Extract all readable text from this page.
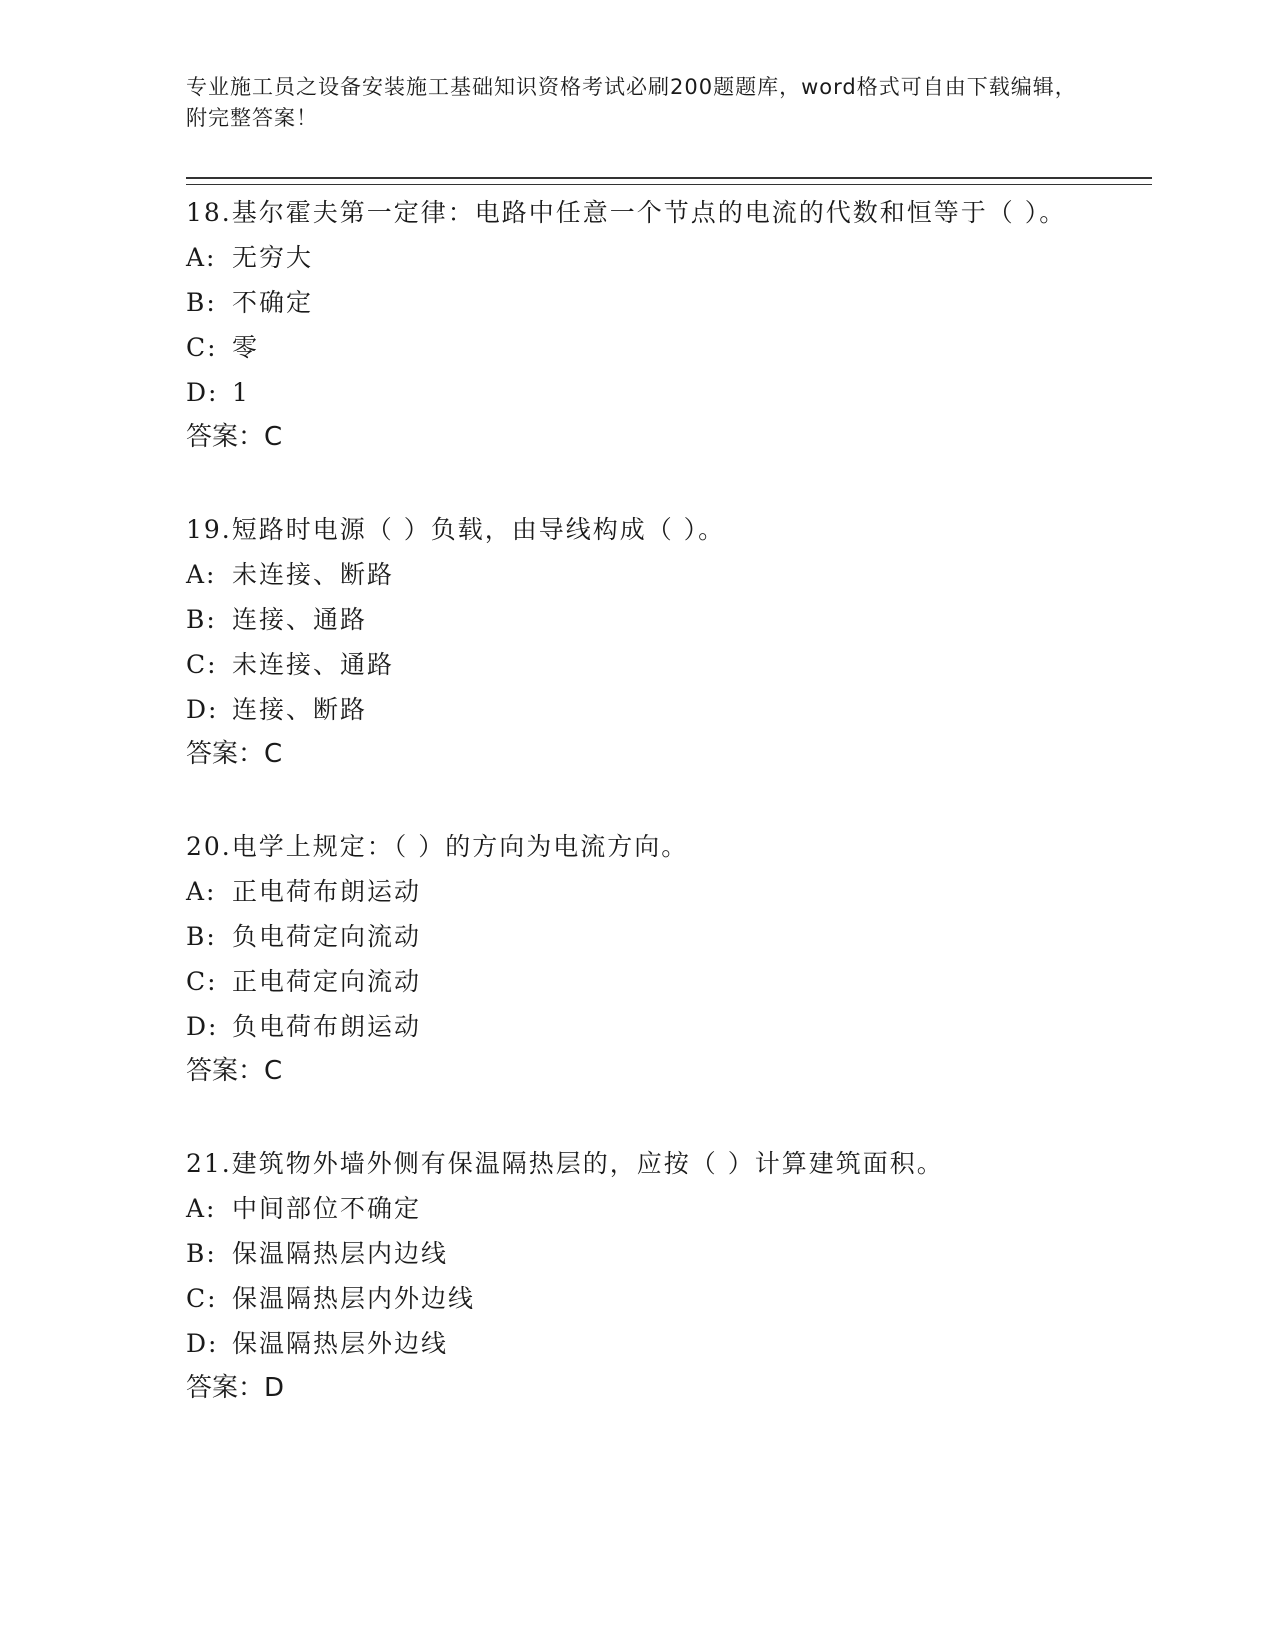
专业施工员之设备安装施工基础知识资格考试必刷200题题库，word格式可自由下载编辑，附完整答案！
18.基尔霍夫第一定律：电路中任意一个节点的电流的代数和恒等于（ ）。
A: 无穷大
B: 不确定
C: 零
D: 1
答案：C
19.短路时电源（ ）负载，由导线构成（ ）。
A: 未连接、断路
B: 连接、通路
C: 未连接、通路
D: 连接、断路
答案：C
20.电学上规定：（ ）的方向为电流方向。
A: 正电荷布朗运动
B: 负电荷定向流动
C: 正电荷定向流动
D: 负电荷布朗运动
答案：C
21.建筑物外墙外侧有保温隔热层的，应按（ ）计算建筑面积。
A: 中间部位不确定
B: 保温隔热层内边线
C: 保温隔热层内外边线
D: 保温隔热层外边线
答案：D
